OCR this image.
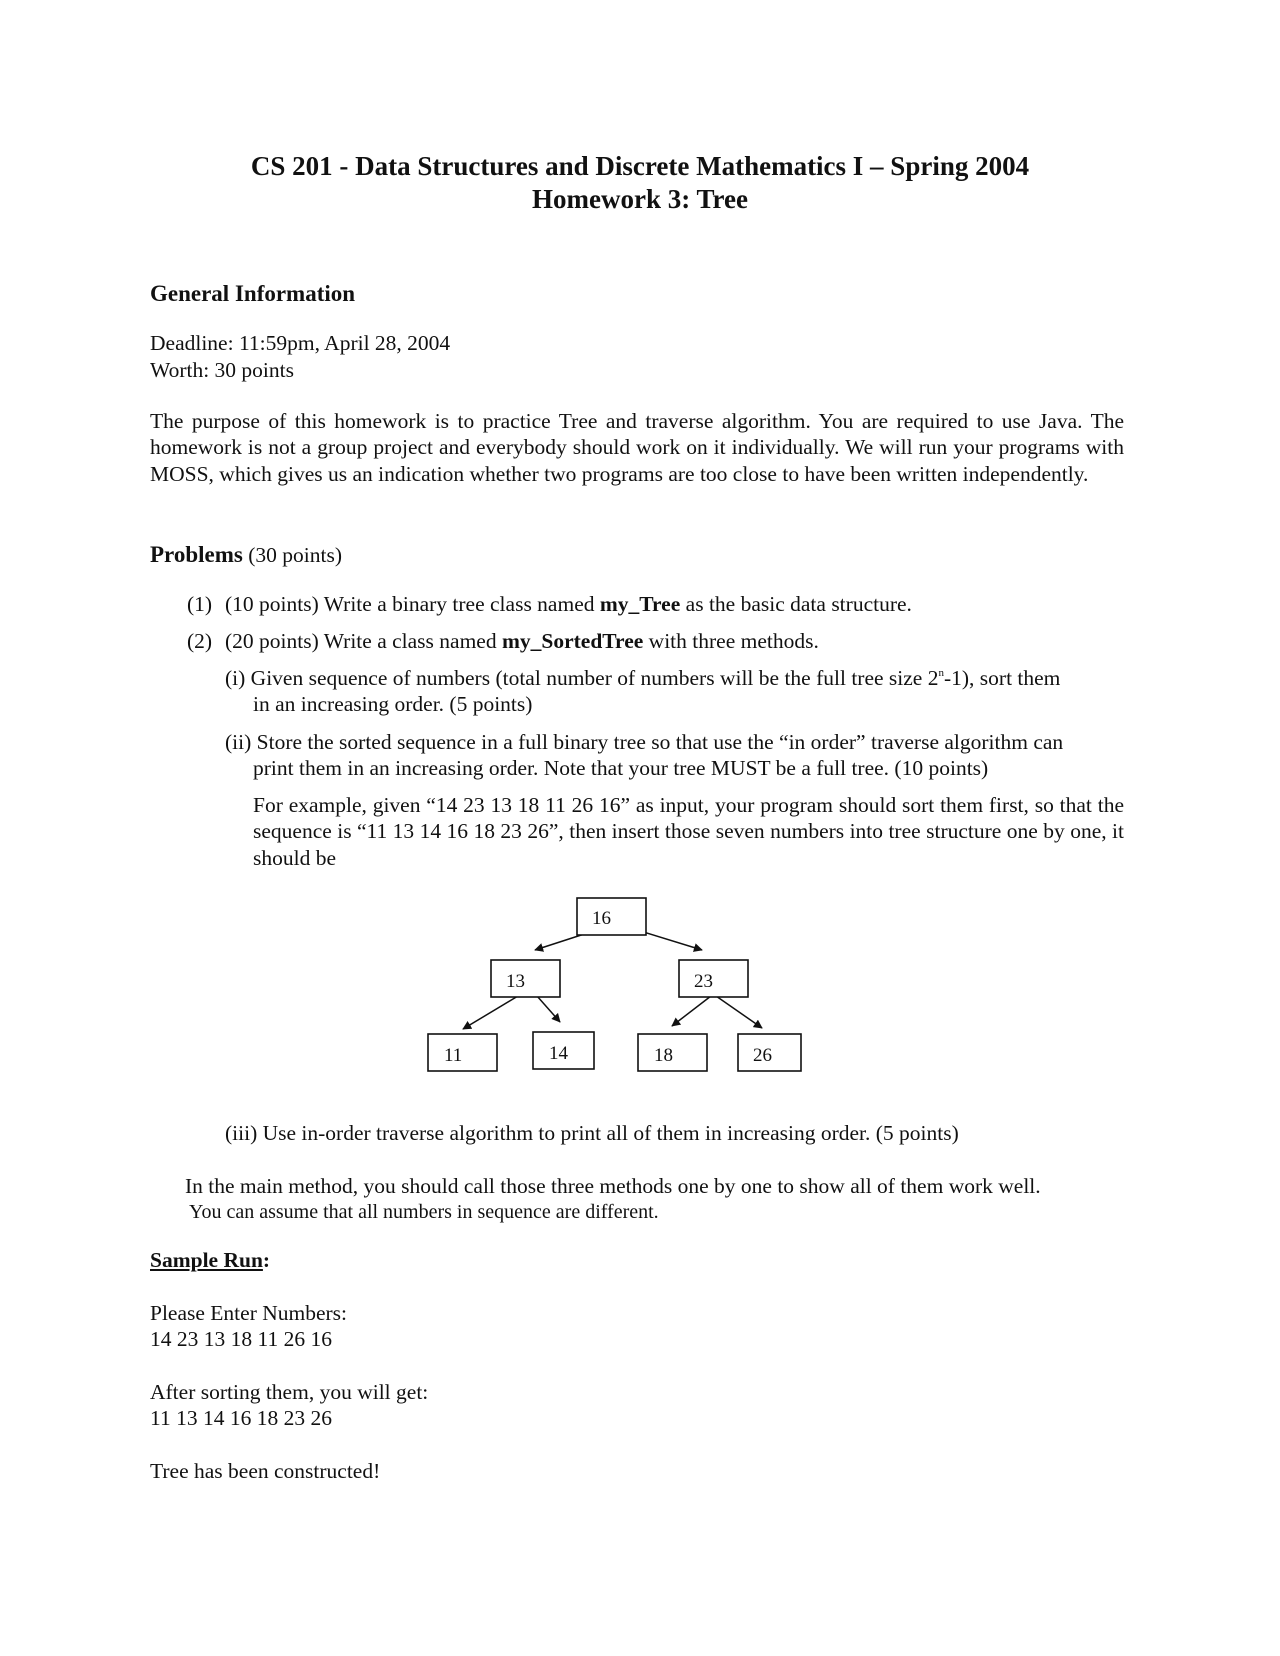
CS 201 - Data Structures and Discrete Mathematics I – Spring 2004
Homework 3: Tree
General Information
Deadline: 11:59pm, April 28, 2004
Worth: 30 points
The purpose of this homework is to practice Tree and traverse algorithm. You are required to use Java. The homework is not a group project and everybody should work on it individually. We will run your programs with MOSS, which gives us an indication whether two programs are too close to have been written independently.
Problems (30 points)
(1) (10 points) Write a binary tree class named my_Tree as the basic data structure.
(2) (20 points) Write a class named my_SortedTree with three methods.
(i) Given sequence of numbers (total number of numbers will be the full tree size 2$^n$-1), sort them
in an increasing order. (5 points)
(ii) Store the sorted sequence in a full binary tree so that use the “in order” traverse algorithm can
print them in an increasing order. Note that your tree MUST be a full tree. (10 points)
For example, given “14 23 13 18 11 26 16” as input, your program should sort them first, so that the sequence is “11 13 14 16 18 23 26”, then insert those seven numbers into tree structure one by one, it should be
16
13	23
11	14	18	26
(iii) Use in-order traverse algorithm to print all of them in increasing order. (5 points)
In the main method, you should call those three methods one by one to show all of them work well.
You can assume that all numbers in sequence are different.
Sample Run:
Please Enter Numbers:
14 23 13 18 11 26 16
After sorting them, you will get:
11 13 14 16 18 23 26
Tree has been constructed!
